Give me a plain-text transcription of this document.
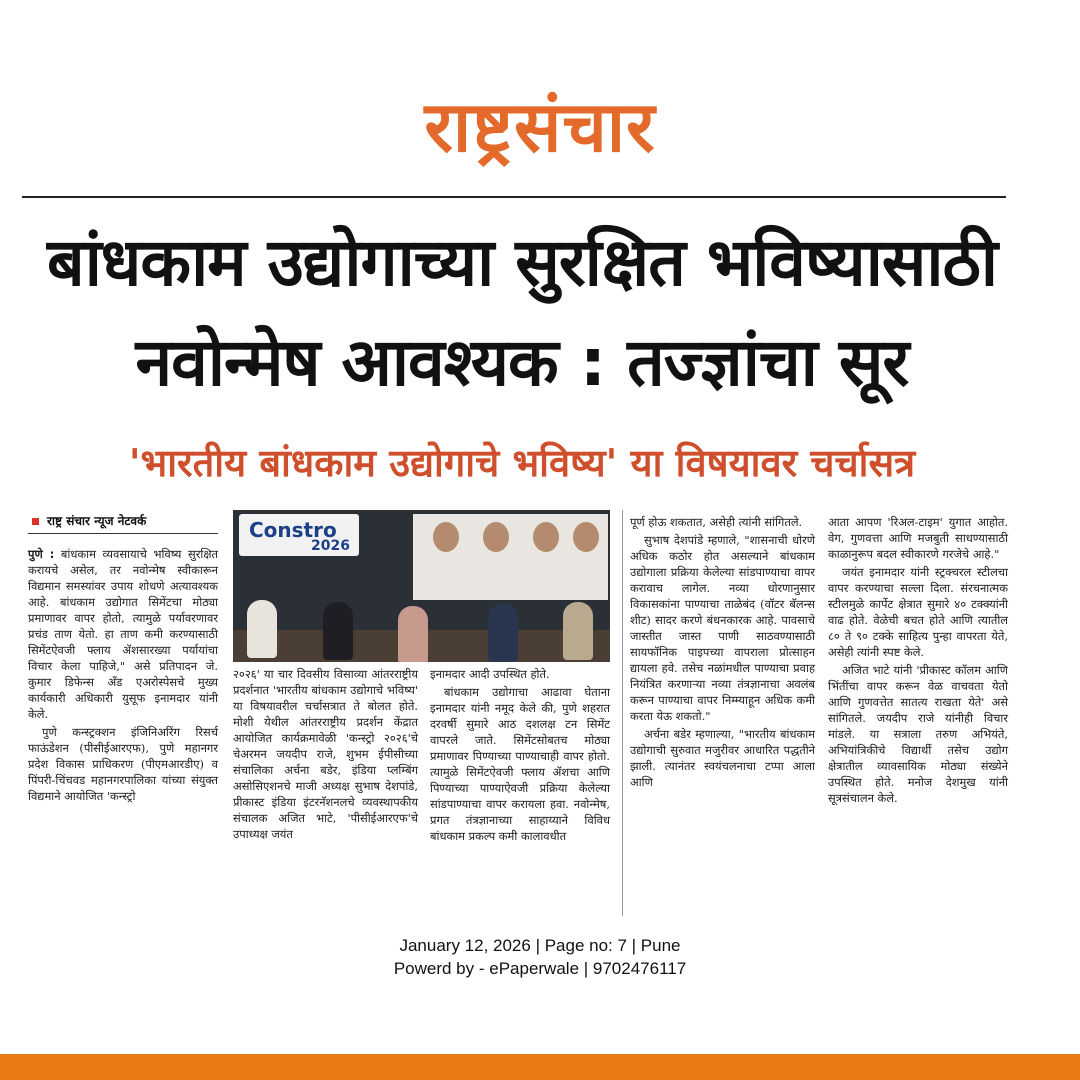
राष्ट्रसंचार
बांधकाम उद्योगाच्या सुरक्षित भविष्यासाठी
नवोन्मेष आवश्यक : तज्ज्ञांचा सूर
'भारतीय बांधकाम उद्योगाचे भविष्य' या विषयावर चर्चासत्र
राष्ट्र संचार न्यूज नेटवर्क

पुणे : बांधकाम व्यवसायाचे भविष्य सुरक्षित करायचे असेल, तर नवोन्मेष स्वीकारून विद्यमान समस्यांवर उपाय शोधणे अत्यावश्यक आहे. बांधकाम उद्योगात सिमेंटचा मोठ्या प्रमाणावर वापर होतो, त्यामुळे पर्यावरणावर प्रचंड ताण येतो. हा ताण कमी करण्यासाठी सिमेंटऐवजी फ्लाय ॲशसारख्या पर्यायांचा विचार केला पाहिजे," असे प्रतिपादन जे. कुमार डिफेन्स ॲंड एअरोस्पेसचे मुख्य कार्यकारी अधिकारी युसूफ इनामदार यांनी केले.

पुणे कन्स्ट्रक्शन इंजिनिअरिंग रिसर्च फाऊंडेशन (पीसीईआरएफ), पुणे महानगर प्रदेश विकास प्राधिकरण (पीएमआरडीए) व पिंपरी-चिंचवड महानगरपालिका यांच्या संयुक्त विद्यमाने आयोजित 'कन्स्ट्रो

Constro
2026

२०२६' या चार दिवसीय विसाव्या आंतरराष्ट्रीय प्रदर्शनात 'भारतीय बांधकाम उद्योगाचे भविष्य' या विषयावरील चर्चासत्रात ते बोलत होते. मोशी येथील आंतरराष्ट्रीय प्रदर्शन केंद्रात आयोजित कार्यक्रमावेळी 'कन्स्ट्रो २०२६'चे चेअरमन जयदीप राजे, शुभम ईपीसीच्या संचालिका अर्चना बडेर, इंडिया प्लम्बिंग असोसिएशनचे माजी अध्यक्ष सुभाष देशपांडे, प्रीकास्ट इंडिया इंटरनॅशनलचे व्यवस्थापकीय संचालक अजित भाटे, 'पीसीईआरएफ'चे उपाध्यक्ष जयंत

इनामदार आदी उपस्थित होते.

बांधकाम उद्योगाचा आढावा घेताना इनामदार यांनी नमूद केले की, पुणे शहरात दरवर्षी सुमारे आठ दशलक्ष टन सिमेंट वापरले जाते. सिमेंटसोबतच मोठ्या प्रमाणावर पिण्याच्या पाण्याचाही वापर होतो. त्यामुळे सिमेंटऐवजी फ्लाय ॲशचा आणि पिण्याच्या पाण्याऐवजी प्रक्रिया केलेल्या सांडपाण्याचा वापर करायला हवा. नवोन्मेष, प्रगत तंत्रज्ञानाच्या साहाय्याने विविध बांधकाम प्रकल्प कमी कालावधीत

पूर्ण होऊ शकतात, असेही त्यांनी सांगितले.

सुभाष देशपांडे म्हणाले, "शासनाची धोरणे अधिक कठोर होत असल्याने बांधकाम उद्योगाला प्रक्रिया केलेल्या सांडपाण्याचा वापर करावाच लागेल. नव्या धोरणानुसार विकासकांना पाण्याचा ताळेबंद (वॉटर बॅलन्स शीट) सादर करणे बंधनकारक आहे. पावसाचे जास्तीत जास्त पाणी साठवण्यासाठी सायफॉनिक पाइपच्या वापराला प्रोत्साहन द्यायला हवे. तसेच नळांमधील पाण्याचा प्रवाह नियंत्रित करणाऱ्या नव्या तंत्रज्ञानाचा अवलंब करून पाण्याचा वापर निम्म्याहून अधिक कमी करता येऊ शकतो."

अर्चना बडेर म्हणाल्या, "भारतीय बांधकाम उद्योगाची सुरुवात मजुरीवर आधारित पद्धतीने झाली. त्यानंतर स्वयंचलनाचा टप्पा आला आणि

आता आपण 'रिअल-टाइम' युगात आहोत. वेग, गुणवत्ता आणि मजबुती साधण्यासाठी काळानुरूप बदल स्वीकारणे गरजेचे आहे."

जयंत इनामदार यांनी स्ट्रक्चरल स्टीलचा वापर करण्याचा सल्ला दिला. संरचनात्मक स्टीलमुळे कार्पेट क्षेत्रात सुमारे ४० टक्क्यांनी वाढ होते. वेळेची बचत होते आणि त्यातील ८० ते ९० टक्के साहित्य पुन्हा वापरता येते, असेही त्यांनी स्पष्ट केले.

अजित भाटे यांनी 'प्रीकास्ट कॉलम आणि भिंतींचा वापर करून वेळ वाचवता येतो आणि गुणवत्तेत सातत्य राखता येते' असे सांगितले. जयदीप राजे यांनीही विचार मांडले. या सत्राला तरुण अभियंते, अभियांत्रिकीचे विद्यार्थी तसेच उद्योग क्षेत्रातील व्यावसायिक मोठ्या संख्येने उपस्थित होते. मनोज देशमुख यांनी सूत्रसंचालन केले.

January 12, 2026 | Page no: 7 | Pune
Powerd by - ePaperwale | 9702476117
